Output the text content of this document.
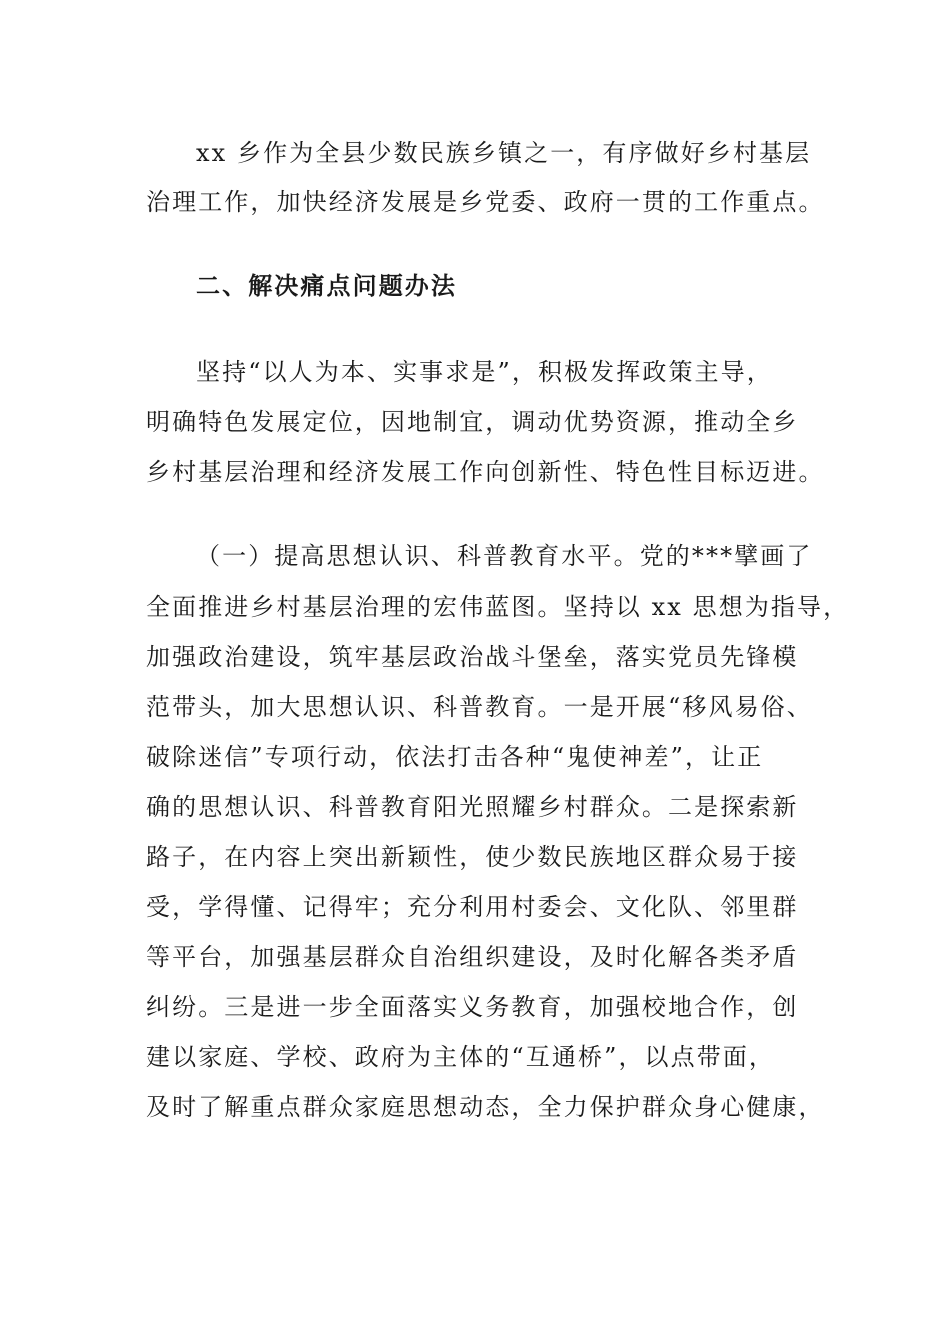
xx 乡作为全县少数民族乡镇之一，有序做好乡村基层
治理工作，加快经济发展是乡党委、政府一贯的工作重点。
二、解决痛点问题办法
坚持“以人为本、实事求是”，积极发挥政策主导，
明确特色发展定位，因地制宜，调动优势资源，推动全乡
乡村基层治理和经济发展工作向创新性、特色性目标迈进。
（一）提高思想认识、科普教育水平。党的***擘画了
全面推进乡村基层治理的宏伟蓝图。坚持以 xx 思想为指导，
加强政治建设，筑牢基层政治战斗堡垒，落实党员先锋模
范带头，加大思想认识、科普教育。一是开展“移风易俗、
破除迷信”专项行动，依法打击各种“鬼使神差”，让正
确的思想认识、科普教育阳光照耀乡村群众。二是探索新
路子，在内容上突出新颖性，使少数民族地区群众易于接
受，学得懂、记得牢；充分利用村委会、文化队、邻里群
等平台，加强基层群众自治组织建设，及时化解各类矛盾
纠纷。三是进一步全面落实义务教育，加强校地合作，创
建以家庭、学校、政府为主体的“互通桥”，以点带面，
及时了解重点群众家庭思想动态，全力保护群众身心健康，
